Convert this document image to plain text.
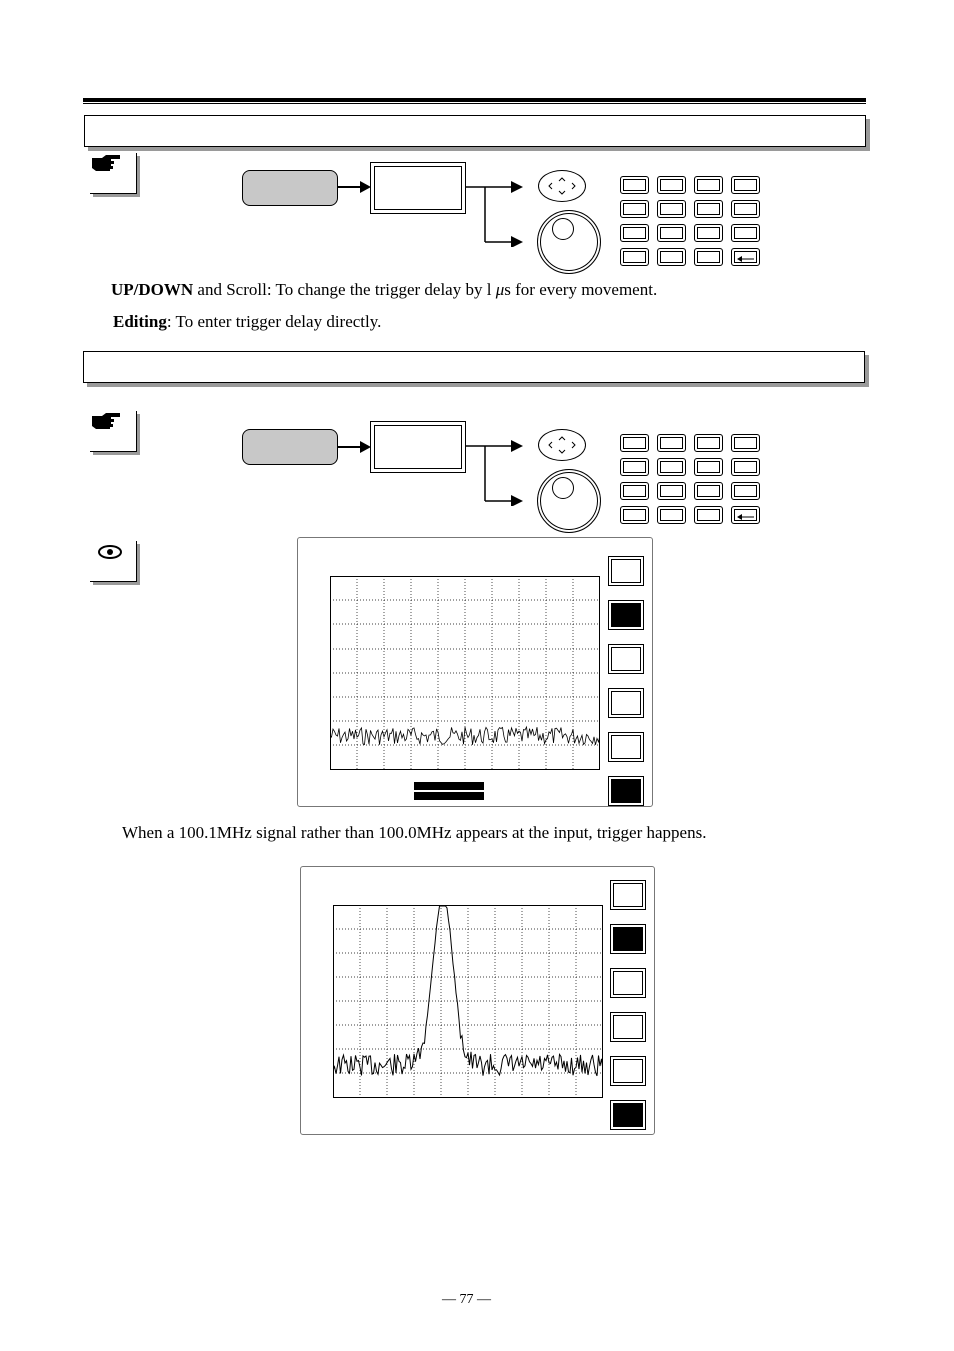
UP/DOWN and Scroll: To change the trigger delay by l μs for every movement.
Editing: To enter trigger delay directly.
When a 100.1MHz signal rather than 100.0MHz appears at the input, trigger happens.
— 77 —
